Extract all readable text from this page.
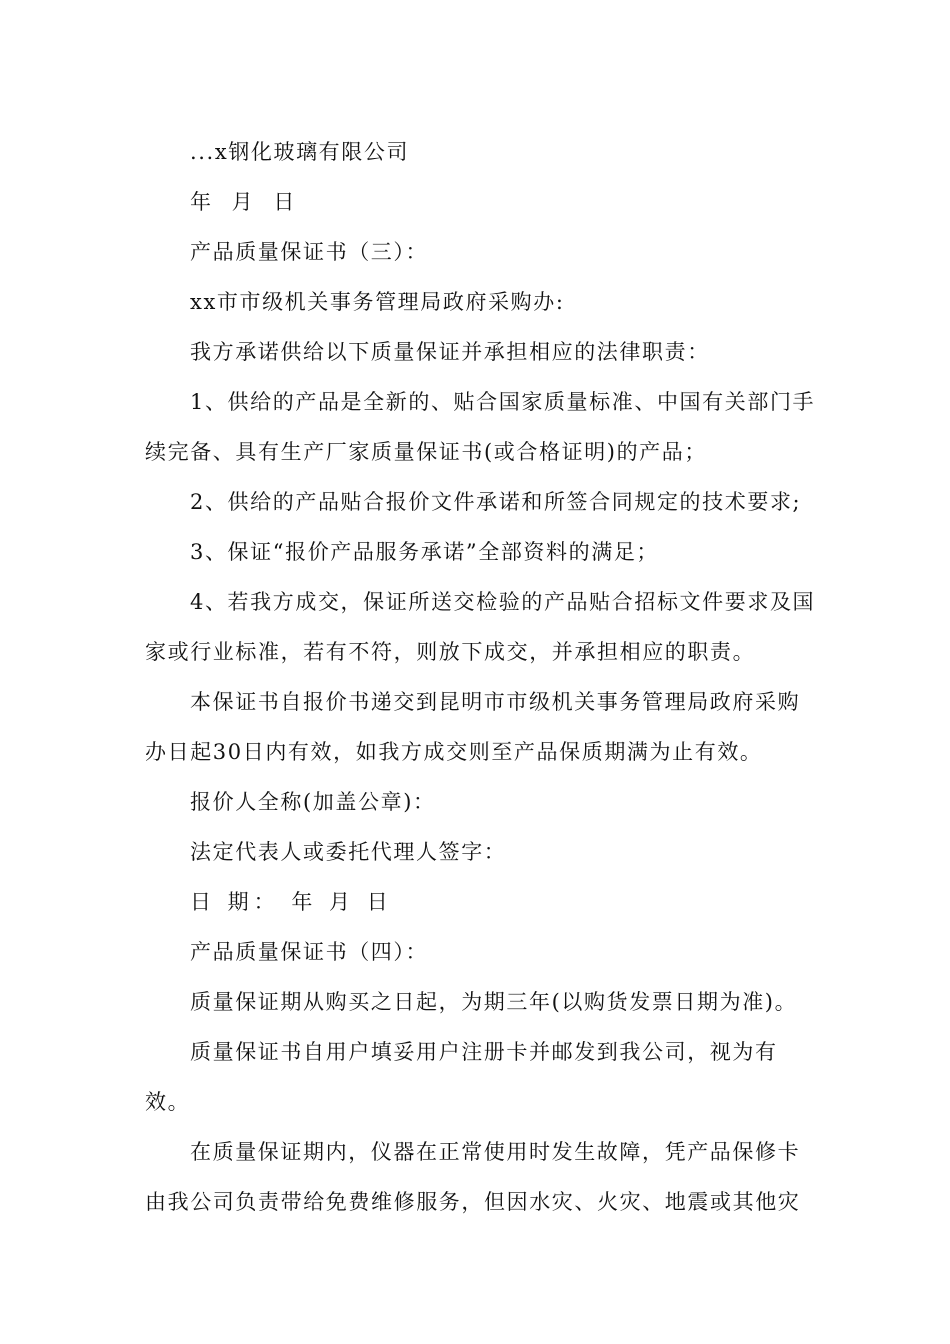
...x钢化玻璃有限公司
年 月 日
产品质量保证书（三）：
xx市市级机关事务管理局政府采购办:
我方承诺供给以下质量保证并承担相应的法律职责：
1、供给的产品是全新的、贴合国家质量标准、中国有关部门手
续完备、具有生产厂家质量保证书(或合格证明)的产品；
2、供给的产品贴合报价文件承诺和所签合同规定的技术要求;
3、保证“报价产品服务承诺”全部资料的满足；
4、若我方成交，保证所送交检验的产品贴合招标文件要求及国
家或行业标准，若有不符，则放下成交，并承担相应的职责。
本保证书自报价书递交到昆明市市级机关事务管理局政府采购
办日起30日内有效，如我方成交则至产品保质期满为止有效。
报价人全称(加盖公章)：
法定代表人或委托代理人签字：
日 期： 年 月 日
产品质量保证书（四）：
质量保证期从购买之日起，为期三年(以购货发票日期为准)。
质量保证书自用户填妥用户注册卡并邮发到我公司，视为有
效。
在质量保证期内，仪器在正常使用时发生故障，凭产品保修卡
由我公司负责带给免费维修服务，但因水灾、火灾、地震或其他灾
